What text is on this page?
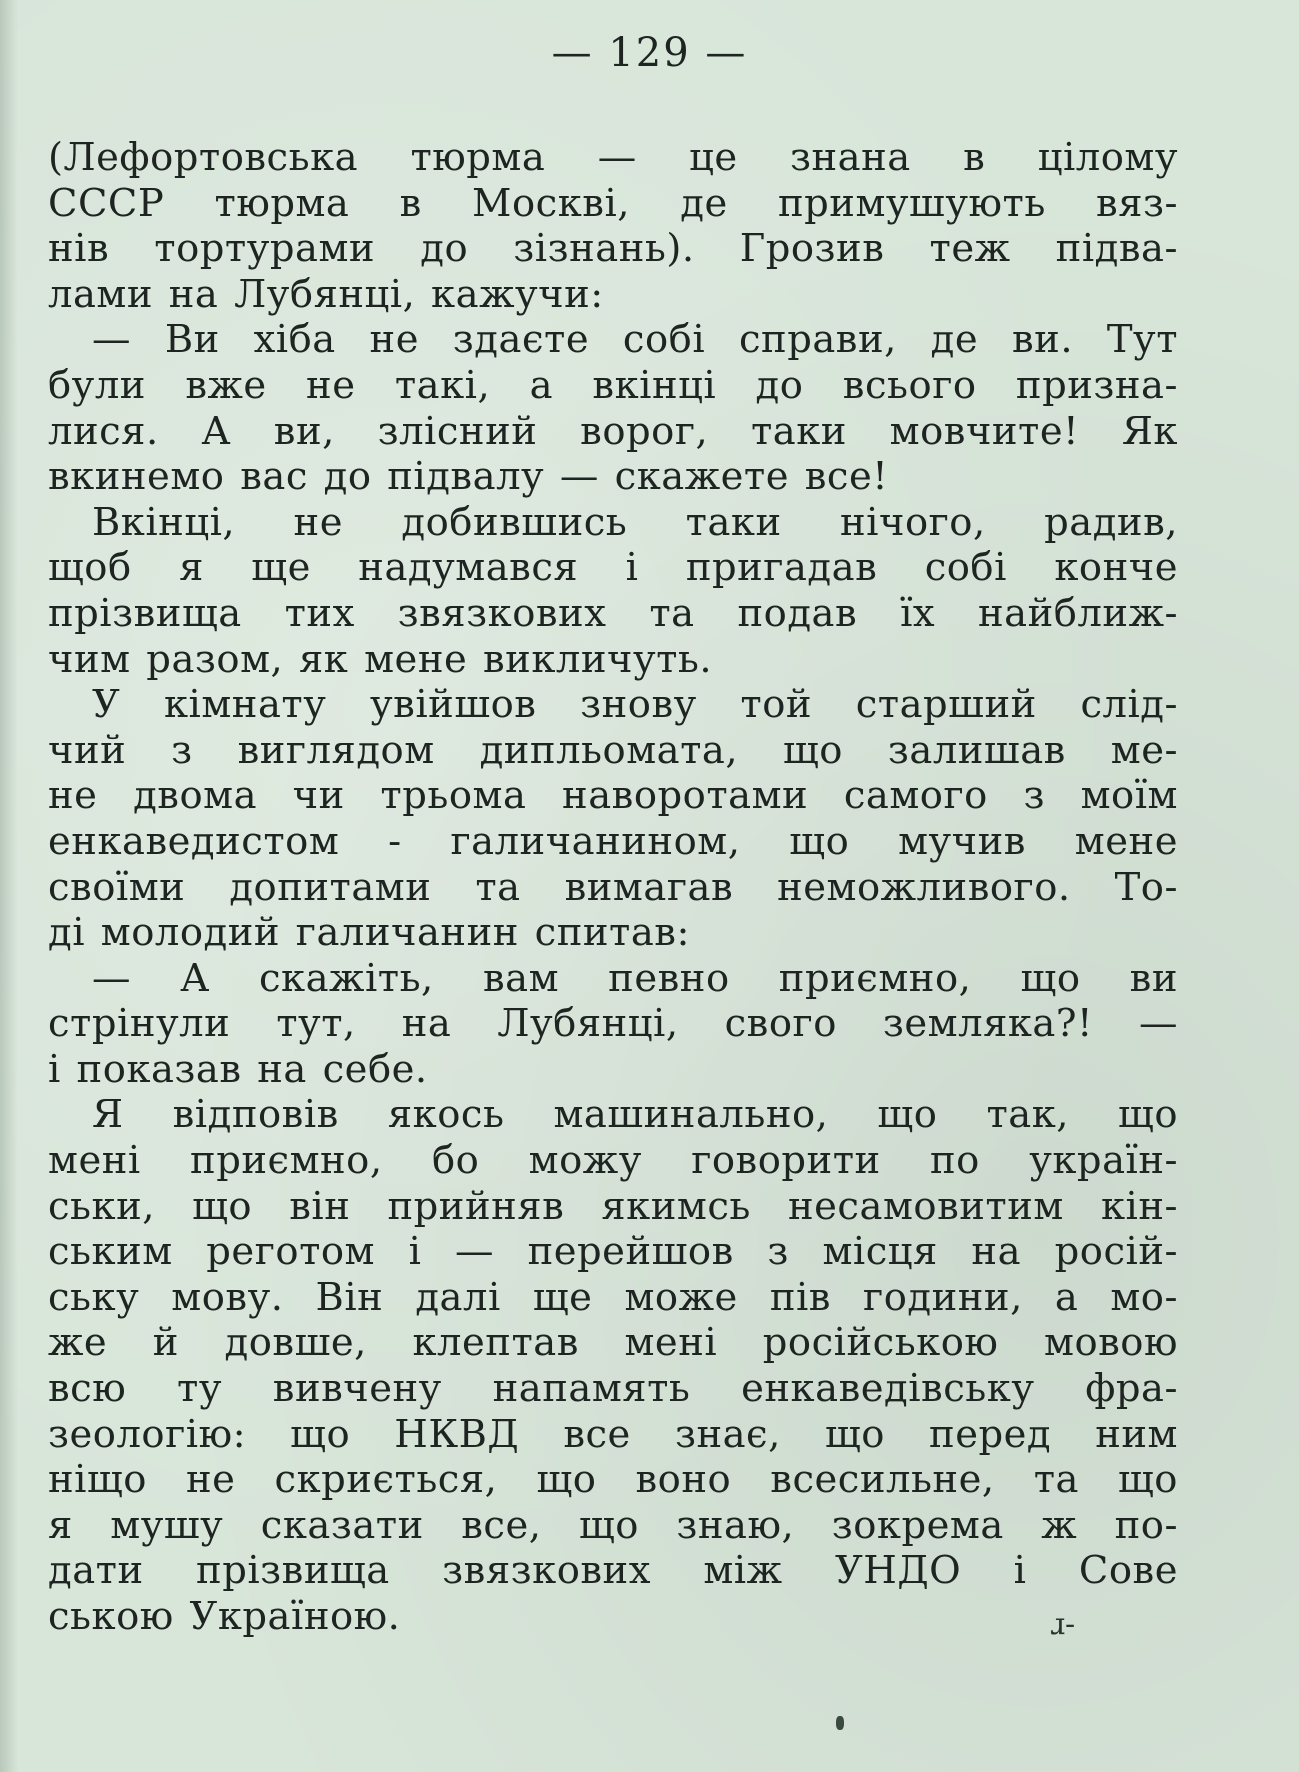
— 129 —
(Лефортовська тюрма — це знана в цілому
СССР тюрма в Москві, де примушують вяз-
нів тортурами до зізнань). Грозив теж підва-
лами на Лубянці, кажучи:
— Ви хіба не здаєте собі справи, де ви. Тут
були вже не такі, а вкінці до всього призна-
лися. А ви, злісний ворог, таки мовчите! Як
вкинемо вас до підвалу — скажете все!
Вкінці, не добившись таки нічого, радив,
щоб я ще надумався і пригадав собі конче
прізвища тих звязкових та подав їх найближ-
чим разом, як мене викличуть.
У кімнату увійшов знову той старший слід-
чий з виглядом дипльомата, що залишав ме-
не двома чи трьома наворотами самого з моїм
енкаведистом - галичанином, що мучив мене
своїми допитами та вимагав неможливого. То-
ді молодий галичанин спитав:
— А скажіть, вам певно приємно, що ви
стрінули тут, на Лубянці, свого земляка?! —
і показав на себе.
Я відповів якось машинально, що так, що
мені приємно, бо можу говорити по україн-
ськи, що він прийняв якимсь несамовитим кін-
ським реготом і — перейшов з місця на росій-
ську мову. Він далі ще може пів години, а мо-
же й довше, клептав мені російською мовою
всю ту вивчену напамять енкаведівську фра-
зеологію: що НКВД все знає, що перед ним
ніщо не скриється, що воно всесильне, та що
я мушу сказати все, що знаю, зокрема ж по-
дати прізвища звязкових між УНДО і Сове
ською Україною.	ɹ-
